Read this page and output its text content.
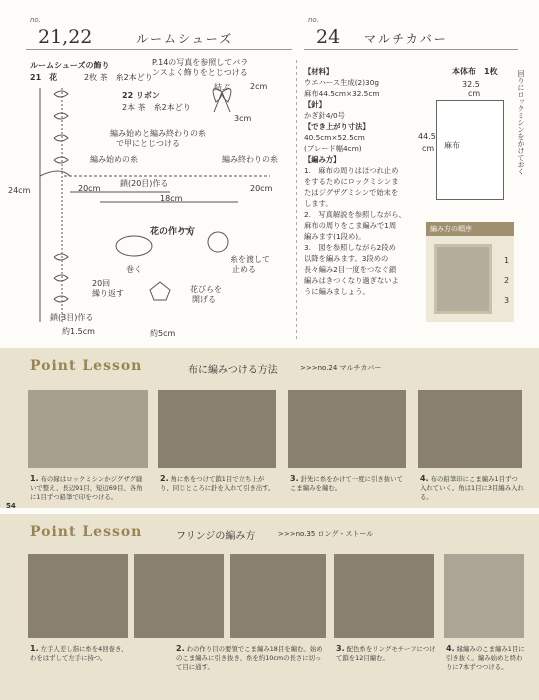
no.
21,22	ルームシューズ
no.
24 マルチカバー
ルームシューズの飾り
21　花	2枚 茶　糸2本どり
P.14の写真を参照してバランスよく飾りをとじつける
22 リボン
2本 茶　糸2本どり
結ぶ	2cm
3cm
編み始めと編み終わりの糸
で甲にとじつける
編み始めの糸	編み終わりの糸
24cm	20cm
鎖(20目)作る
20cm
18cm
花の作り方
巻く
糸を渡して
止める
花びらを
開げる
約5cm
20回
繰り返す
鎖(3目)作る
約1.5cm
【材料】
ウエハース生成(2)30g
麻布44.5cm×32.5cm
【針】
かぎ針4/0号
【でき上がり寸法】
40.5cm×52.5cm
(ブレード幅4cm)
【編み方】
1.　麻布の周りはほつれ止め
をするためにロックミシンま
たはジグザグミシンで始末を
します。
2.　写真解説を参照しながら、
麻布の周りをこま編みで1周
編みます(1段め)。
3.　図を参照しながら2段め
以降を編みます。3段めの
長々編み2目一度をつなぐ鎖
編みはきつくなり過ぎないよ
うに編みましょう。
本体布　1枚
32.5
cm
麻布
44.5
cm	回りにロックミシンをかけておく
編み方の順序
1
2
3
Point Lesson	布に編みつける方法	>>>no.24 マルチカバー
1. 布の縁はロックミシンかジグザグ縫いで整え、長辺91目、短辺69目、各角に1目ずつ鉛筆で印をつける。
2. 角に糸をつけて鎖1目で立ち上がり、同じところに針を入れて引き出す。
3. 針先に糸をかけて一度に引き抜いてこま編みを編む。
4. 布の鉛筆印にこま編み1目ずつ入れていく。角は1目に3目編み入れる。
54
Point Lesson	フリンジの編み方	>>>no.35 ロング・ストール
1. 左手人差し指に糸を4回巻き、わをはずして左手に持つ。
2. わの作り目の要領でこま編み18目を編む。始めのこま編みに引き抜き、糸を約10cmの長さに切って目に通す。
3. 配色糸をリングモチーフにつけて鎖を12目編む。
4. 縁編みのこま編み1目に引き抜く。編み始めと終わりに7本ずつつける。
